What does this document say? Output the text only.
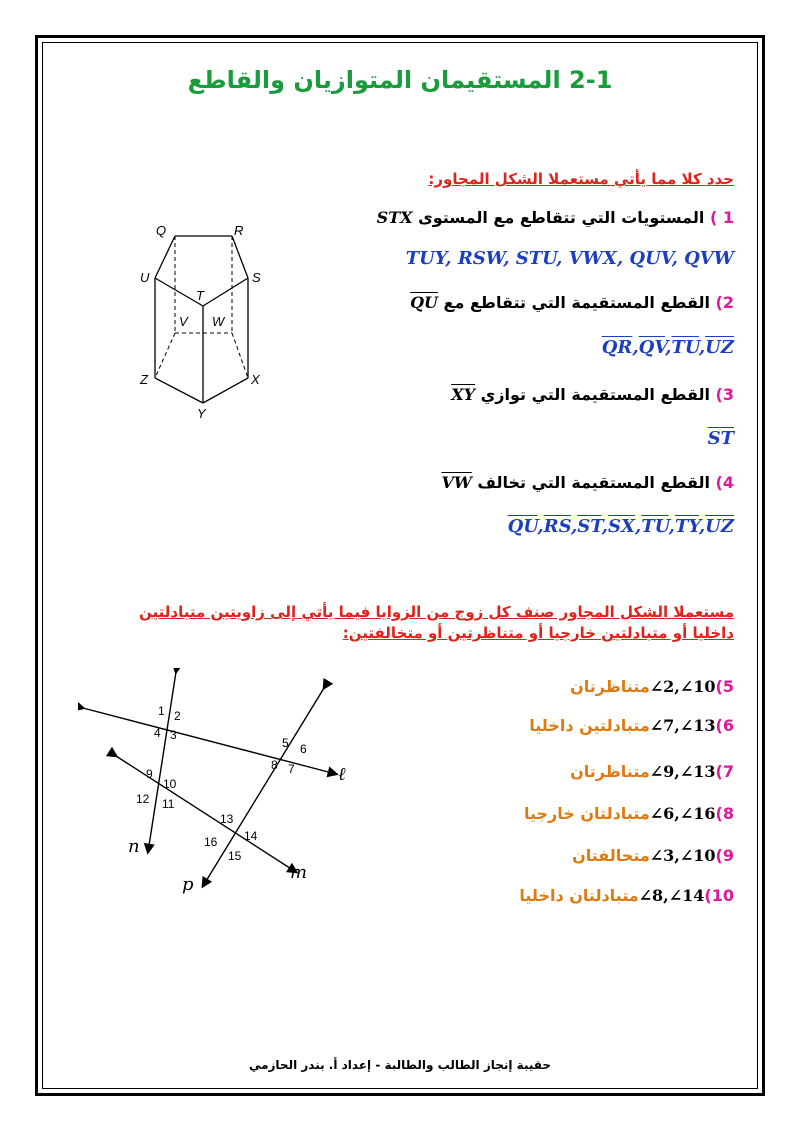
2-1 المستقيمان المتوازيان والقاطع
حدد كلا مما يأتي مستعملا الشكل المجاور:
1 ) المستويات التي تتقاطع مع المستوى STX
TUY, RSW, STU, VWX, QUV, QVW
2) القطع المستقيمة التي تتقاطع مع $\overline{QU}$
$\overline{QR},\overline{QV},\overline{TU},\overline{UZ}$
3) القطع المستقيمة التي توازي $\overline{XY}$
$\overline{ST}$
4) القطع المستقيمة التي تخالف $\overline{VW}$
$\overline{QU},\overline{RS},\overline{ST},\overline{SX},\overline{TU},\overline{TY},\overline{UZ}$
Q	R
U	S
T
V W
Z	X
Y
مستعملا الشكل المجاور صنف كل زوج من الزوايا فيما يأتي إلى زاويتين متبادلتين
داخليا أو متبادلتين خارجيا أو متناظرتين أو متخالفتين:
5)∠2,∠10متناظرتان
6)∠7,∠13متبادلتين داخليا
7)∠9,∠13متناظرتان
8)∠6,∠16متبادلتان خارجيا
9)∠3,∠10متحالفتان
10)∠8,∠14متبادلتان داخليا
1 2
3
4
5 6
7
8
9
10
11
12
13
14
15
16
ℓ
m
n
p
حقيبة إنجاز الطالب والطالبة - إعداد أ. بندر الحازمي
